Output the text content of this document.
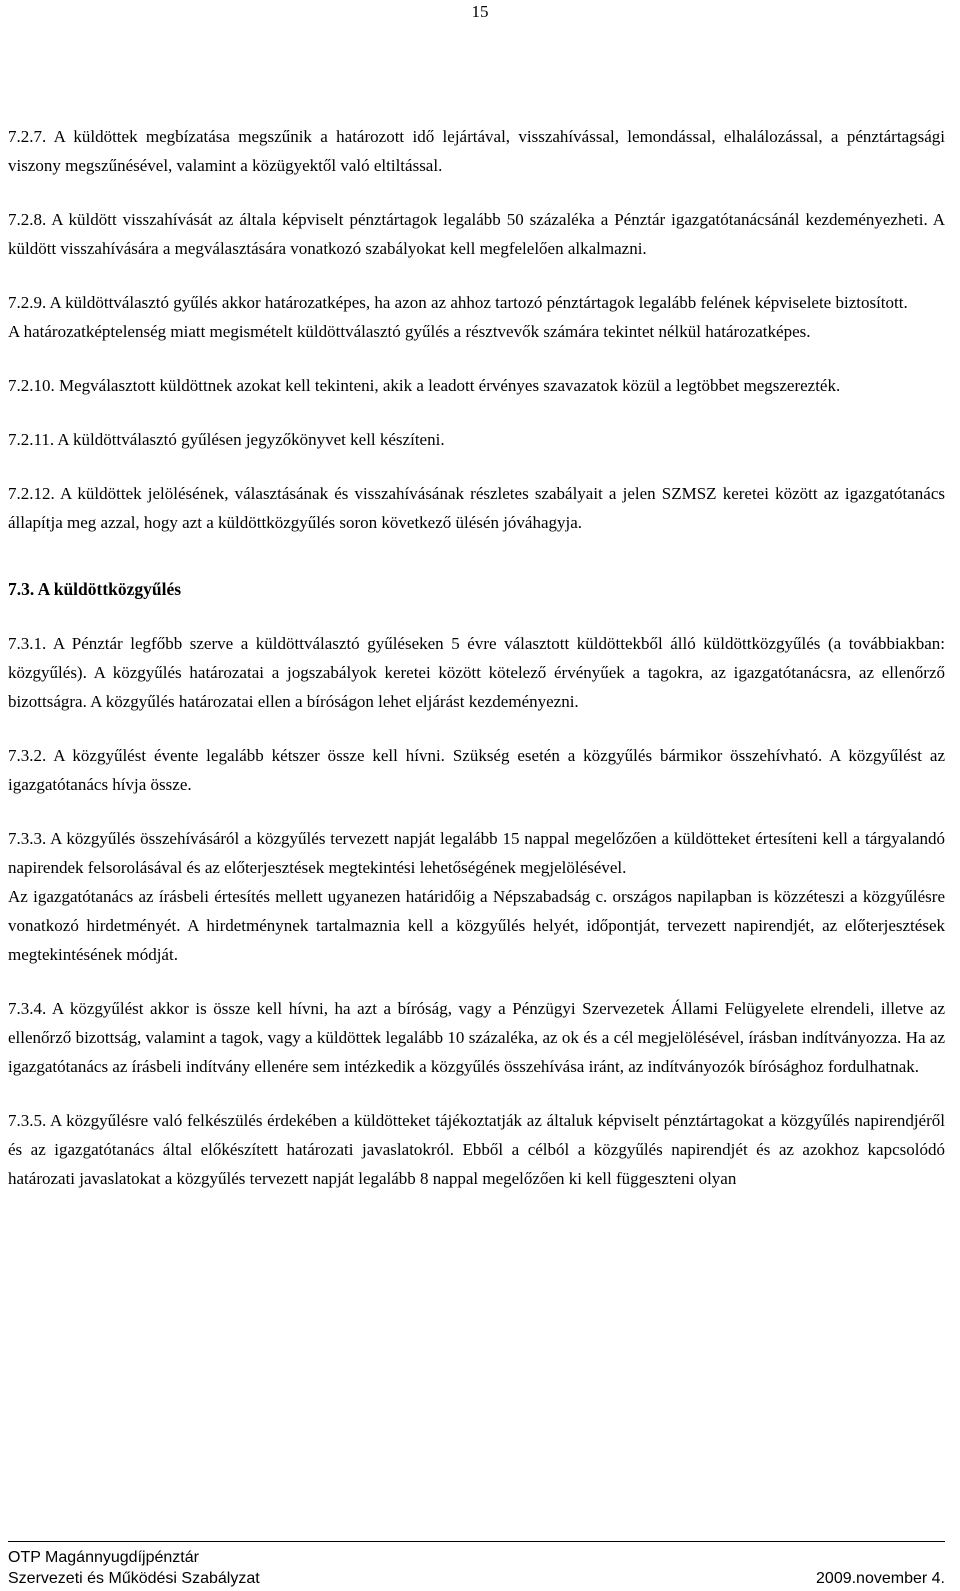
15

7.2.7. A küldöttek megbízatása megszűnik a határozott idő lejártával, visszahívással, lemondással, elhalálozással, a pénztártagsági viszony megszűnésével, valamint a közügyektől való eltiltással.

7.2.8. A küldött visszahívását az általa képviselt pénztártagok legalább 50 százaléka a Pénztár igazgatótanácsánál kezdeményezheti. A küldött visszahívására a megválasztására vonatkozó szabályokat kell megfelelően alkalmazni.

7.2.9. A küldöttválasztó gyűlés akkor határozatképes, ha azon az ahhoz tartozó pénztártagok legalább felének képviselete biztosított.

A határozatképtelenség miatt megismételt küldöttválasztó gyűlés a résztvevők számára tekintet nélkül határozatképes.

7.2.10. Megválasztott küldöttnek azokat kell tekinteni, akik a leadott érvényes szavazatok közül a legtöbbet megszerezték.

7.2.11. A küldöttválasztó gyűlésen jegyzőkönyvet kell készíteni.

7.2.12. A küldöttek jelölésének, választásának és visszahívásának részletes szabályait a jelen SZMSZ keretei között az igazgatótanács állapítja meg azzal, hogy azt a küldöttközgyűlés soron következő ülésén jóváhagyja.

7.3. A küldöttközgyűlés

7.3.1. A Pénztár legfőbb szerve a küldöttválasztó gyűléseken 5 évre választott küldöttekből álló küldöttközgyűlés (a továbbiakban: közgyűlés). A közgyűlés határozatai a jogszabályok keretei között kötelező érvényűek a tagokra, az igazgatótanácsra, az ellenőrző bizottságra. A közgyűlés határozatai ellen a bíróságon lehet eljárást kezdeményezni.

7.3.2. A közgyűlést évente legalább kétszer össze kell hívni. Szükség esetén a közgyűlés bármikor összehívható. A közgyűlést az igazgatótanács hívja össze.

7.3.3. A közgyűlés összehívásáról a közgyűlés tervezett napját legalább 15 nappal megelőzően a küldötteket értesíteni kell a tárgyalandó napirendek felsorolásával és az előterjesztések megtekintési lehetőségének megjelölésével.

Az igazgatótanács az írásbeli értesítés mellett ugyanezen határidőig a Népszabadság c. országos napilapban is közzéteszi a közgyűlésre vonatkozó hirdetményét. A hirdetménynek tartalmaznia kell a közgyűlés helyét, időpontját, tervezett napirendjét, az előterjesztések megtekintésének módját.

7.3.4. A közgyűlést akkor is össze kell hívni, ha azt a bíróság, vagy a Pénzügyi Szervezetek Állami Felügyelete elrendeli, illetve az ellenőrző bizottság, valamint a tagok, vagy a küldöttek legalább 10 százaléka, az ok és a cél megjelölésével, írásban indítványozza. Ha az igazgatótanács az írásbeli indítvány ellenére sem intézkedik a közgyűlés összehívása iránt, az indítványozók bírósághoz fordulhatnak.

7.3.5. A közgyűlésre való felkészülés érdekében a küldötteket tájékoztatják az általuk képviselt pénztártagokat a közgyűlés napirendjéről és az igazgatótanács által előkészített határozati javaslatokról. Ebből a célból a közgyűlés napirendjét és az azokhoz kapcsolódó határozati javaslatokat a közgyűlés tervezett napját legalább 8 nappal megelőzően ki kell függeszteni olyan

OTP Magánnyugdíjpénztár
Szervezeti és Működési Szabályzat	2009.november 4.
